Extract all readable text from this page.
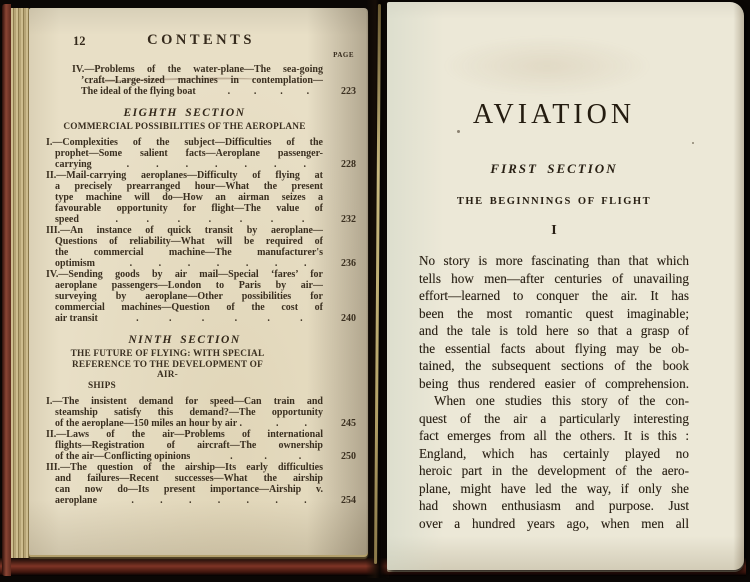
12	CONTENTS
PAGE
IV.—Problems of the water-plane—The sea-going
’craft—Large-sized machines in contemplation—
The ideal of the flying boat	. . . .	223
EIGHTH SECTION
COMMERCIAL POSSIBILITIES OF THE AEROPLANE
I.—Complexities of the subject—Difficulties of the
prophet—Some salient facts—Aeroplane passenger-
carrying	.	.	.	.	.	.	.	228
II.—Mail-carrying aeroplanes—Difficulty of flying at
a precisely prearranged hour—What the present
type machine will do—How an airman seizes a
favourable opportunity for flight—The value of
speed	.	.	.	.	.	.	.	232
III.—An instance of quick transit by aeroplane—
Questions of reliability—What will be required of
the commercial machine—The manufacturer's
optimism	.	.	.	.	.	.	.	236
IV.—Sending goods by air mail—Special ‘fares’ for
aeroplane passengers—London to Paris by air—
surveying by aeroplane—Other possibilities for
commercial machines—Question of the cost of
air transit	.	.	.	.	.	.	240
NINTH SECTION
THE FUTURE OF FLYING: WITH SPECIAL
REFERENCE TO THE DEVELOPMENT OF AIR-
SHIPS
I.—The insistent demand for speed—Can train and
steamship satisfy this demand?—The opportunity
of the aeroplane—150 miles an hour by air .	.	.	245
II.—Laws of the air—Problems of international
flights—Registration of aircraft—The ownership
of the air—Conflicting opinions	.	.	.	250
III.—The question of the airship—Its early difficulties
and failures—Recent successes—What the airship
can now do—Its present importance—Airship v.
aeroplane	.	.	.	.	.	.	.	254
AVIATION
FIRST SECTION
THE BEGINNINGS OF FLIGHT
I
No story is more fascinating than that which
tells how men—after centuries of unavailing
effort—learned to conquer the air. It has
been the most romantic quest imaginable;
and the tale is told here so that a grasp of
the essential facts about flying may be ob-
tained, the subsequent sections of the book
being thus rendered easier of comprehension.
When one studies this story of the con-
quest of the air a particularly interesting
fact emerges from all the others. It is this :
England, which has certainly played no
heroic part in the development of the aero-
plane, might have led the way, if only she
had shown enthusiasm and purpose. Just
over a hundred years ago, when men all
